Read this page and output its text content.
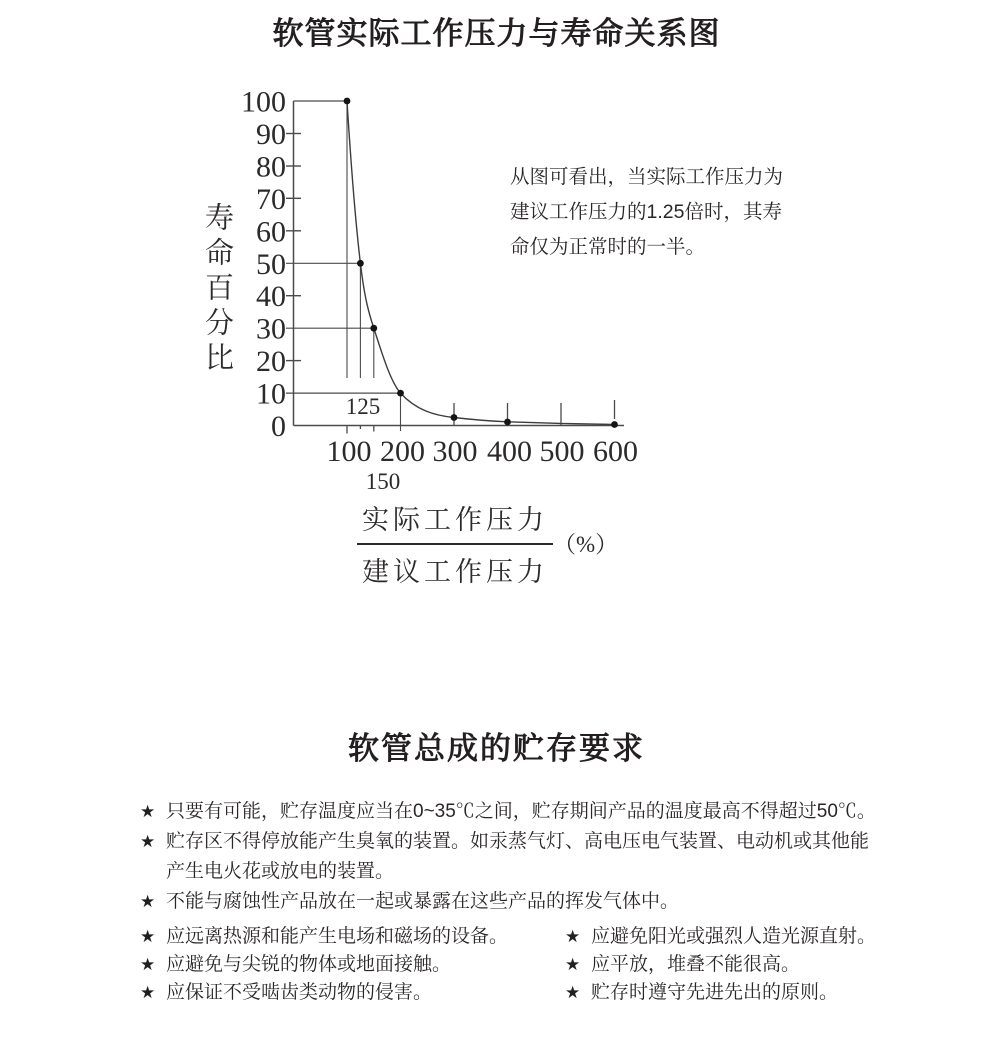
软管实际工作压力与寿命关系图
100
90
80
70
60
50
40
30
20
10
0
100 200 300 400 500 600
125
150
寿命百分比
从图可看出，当实际工作压力为
建议工作压力的1.25倍时，其寿
命仅为正常时的一半。
实际工作压力
建议工作压力
（%）
软管总成的贮存要求
★ 只要有可能，贮存温度应当在0~35℃之间，贮存期间产品的温度最高不得超过50℃。
★ 贮存区不得停放能产生臭氧的装置。如汞蒸气灯、高电压电气装置、电动机或其他能
产生电火花或放电的装置。
★ 不能与腐蚀性产品放在一起或暴露在这些产品的挥发气体中。
★ 应远离热源和能产生电场和磁场的设备。	★ 应避免阳光或强烈人造光源直射。
★ 应避免与尖锐的物体或地面接触。	★ 应平放，堆叠不能很高。
★ 应保证不受啮齿类动物的侵害。	★ 贮存时遵守先进先出的原则。
